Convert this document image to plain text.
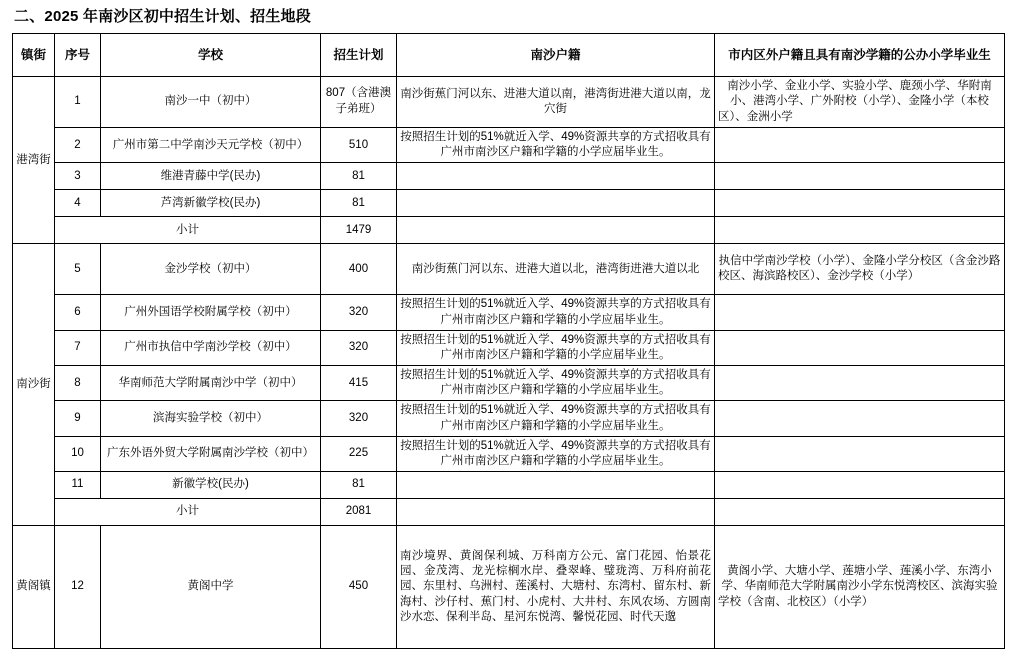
二、2025 年南沙区初中招生计划、招生地段
镇街	序号	学校	招生计划	南沙户籍	市内区外户籍且具有南沙学籍的公办小学毕业生
港湾街	1	南沙一中（初中）	807（含港澳子弟班）	南沙街蕉门河以东、进港大道以南，港湾街进港大道以南，龙穴街	南沙小学、金业小学、实验小学、鹿颈小学、华附南小、港湾小学、广外附校（小学）、金隆小学（本校区）、金洲小学
	2	广州市第二中学南沙天元学校（初中）	510	按照招生计划的51%就近入学、49%资源共享的方式招收具有广州市南沙区户籍和学籍的小学应届毕业生。	
	3	维港青藤中学(民办)	81		
	4	芦湾新徽学校(民办)	81		
	小计		1479		
南沙街	5	金沙学校（初中）	400	南沙街蕉门河以东、进港大道以北，港湾街进港大道以北	执信中学南沙学校（小学）、金隆小学分校区（含金沙路校区、海滨路校区）、金沙学校（小学）
	6	广州外国语学校附属学校（初中）	320	按照招生计划的51%就近入学、49%资源共享的方式招收具有广州市南沙区户籍和学籍的小学应届毕业生。	
	7	广州市执信中学南沙学校（初中）	320	按照招生计划的51%就近入学、49%资源共享的方式招收具有广州市南沙区户籍和学籍的小学应届毕业生。	
	8	华南师范大学附属南沙中学（初中）	415	按照招生计划的51%就近入学、49%资源共享的方式招收具有广州市南沙区户籍和学籍的小学应届毕业生。	
	9	滨海实验学校（初中）	320	按照招生计划的51%就近入学、49%资源共享的方式招收具有广州市南沙区户籍和学籍的小学应届毕业生。	
	10	广东外语外贸大学附属南沙学校（初中）	225	按照招生计划的51%就近入学、49%资源共享的方式招收具有广州市南沙区户籍和学籍的小学应届毕业生。	
	11	新徽学校(民办)	81		
	小计		2081		
黄阁镇	12	黄阁中学	450	南沙境界、黄阁保利城、万科南方公元、富门花园、怡景花园、金茂湾、龙光棕榈水岸、叠翠峰、璧珑湾、万科府前花园、东里村、乌洲村、莲溪村、大塘村、东湾村、留东村、新海村、沙仔村、蕉门村、小虎村、大井村、东风农场、方圆南沙水恋、保利半岛、星河东悦湾、馨悦花园、时代天邈	黄阁小学、大塘小学、莲塘小学、莲溪小学、东湾小学、华南师范大学附属南沙小学东悦湾校区、滨海实验学校（含南、北校区）（小学）
